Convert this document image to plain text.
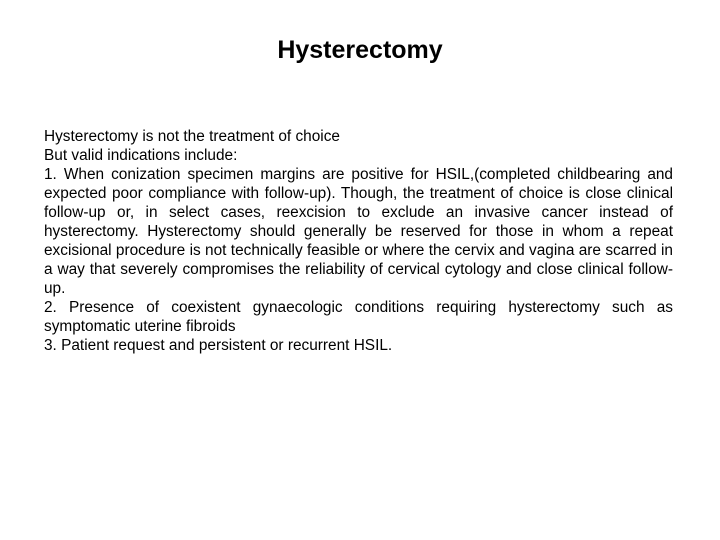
Hysterectomy
Hysterectomy is not the treatment of choice
But valid indications include:
1. When conization specimen margins are positive for HSIL,(completed childbearing and expected poor compliance with follow-up). Though, the treatment of choice is close clinical follow-up or, in select cases, reexcision to exclude an invasive cancer instead of hysterectomy. Hysterectomy should generally be reserved for those in whom a repeat excisional procedure is not technically feasible or where the cervix and vagina are scarred in a way that severely compromises the reliability of cervical cytology and close clinical follow-up.
2. Presence of coexistent gynaecologic conditions requiring hysterectomy such as symptomatic uterine fibroids
3. Patient request and persistent or recurrent HSIL.
